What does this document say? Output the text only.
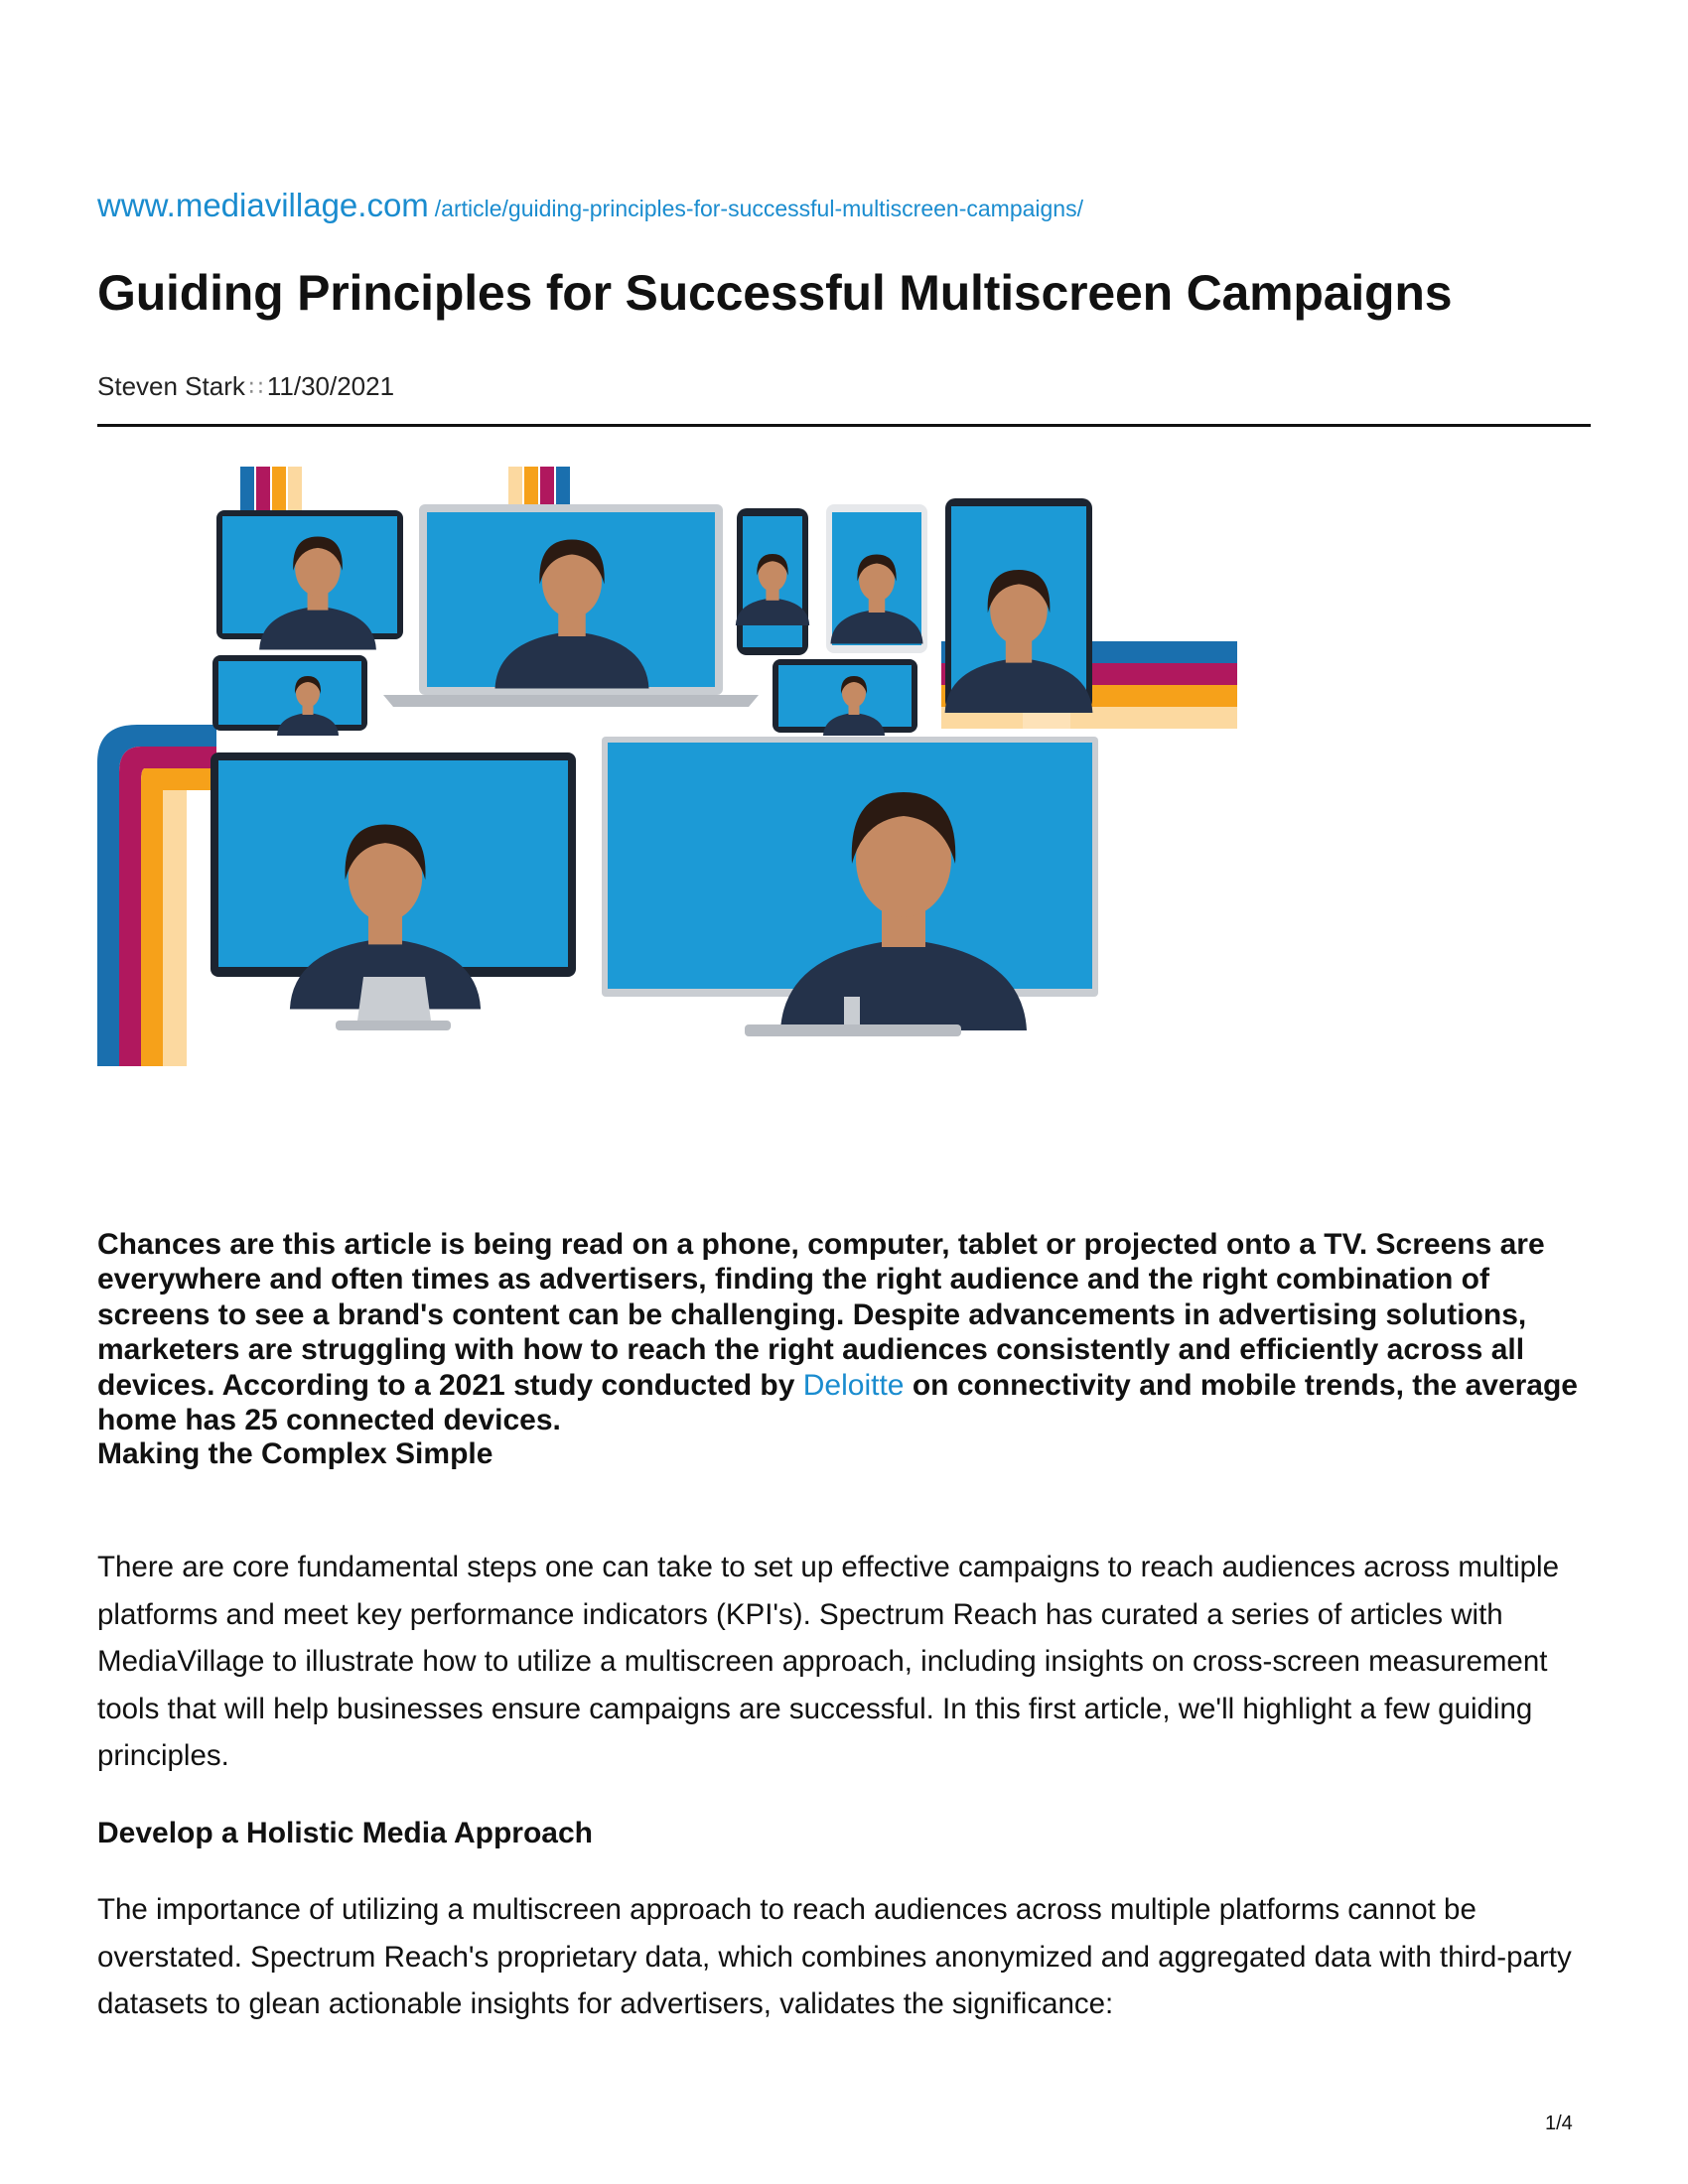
www.mediavillage.com /article/guiding-principles-for-successful-multiscreen-campaigns/
Guiding Principles for Successful Multiscreen Campaigns
Steven Stark ∷ 11/30/2021

Chances are this article is being read on a phone, computer, tablet or projected onto a TV. Screens are everywhere and often times as advertisers, finding the right audience and the right combination of screens to see a brand's content can be challenging. Despite advancements in advertising solutions, marketers are struggling with how to reach the right audiences consistently and efficiently across all devices. According to a 2021 study conducted by Deloitte on connectivity and mobile trends, the average home has 25 connected devices.

Making the Complex Simple

There are core fundamental steps one can take to set up effective campaigns to reach audiences across multiple platforms and meet key performance indicators (KPI's). Spectrum Reach has curated a series of articles with MediaVillage to illustrate how to utilize a multiscreen approach, including insights on cross-screen measurement tools that will help businesses ensure campaigns are successful. In this first article, we'll highlight a few guiding principles.

Develop a Holistic Media Approach

The importance of utilizing a multiscreen approach to reach audiences across multiple platforms cannot be overstated. Spectrum Reach's proprietary data, which combines anonymized and aggregated data with third-party datasets to glean actionable insights for advertisers, validates the significance:

1/4
